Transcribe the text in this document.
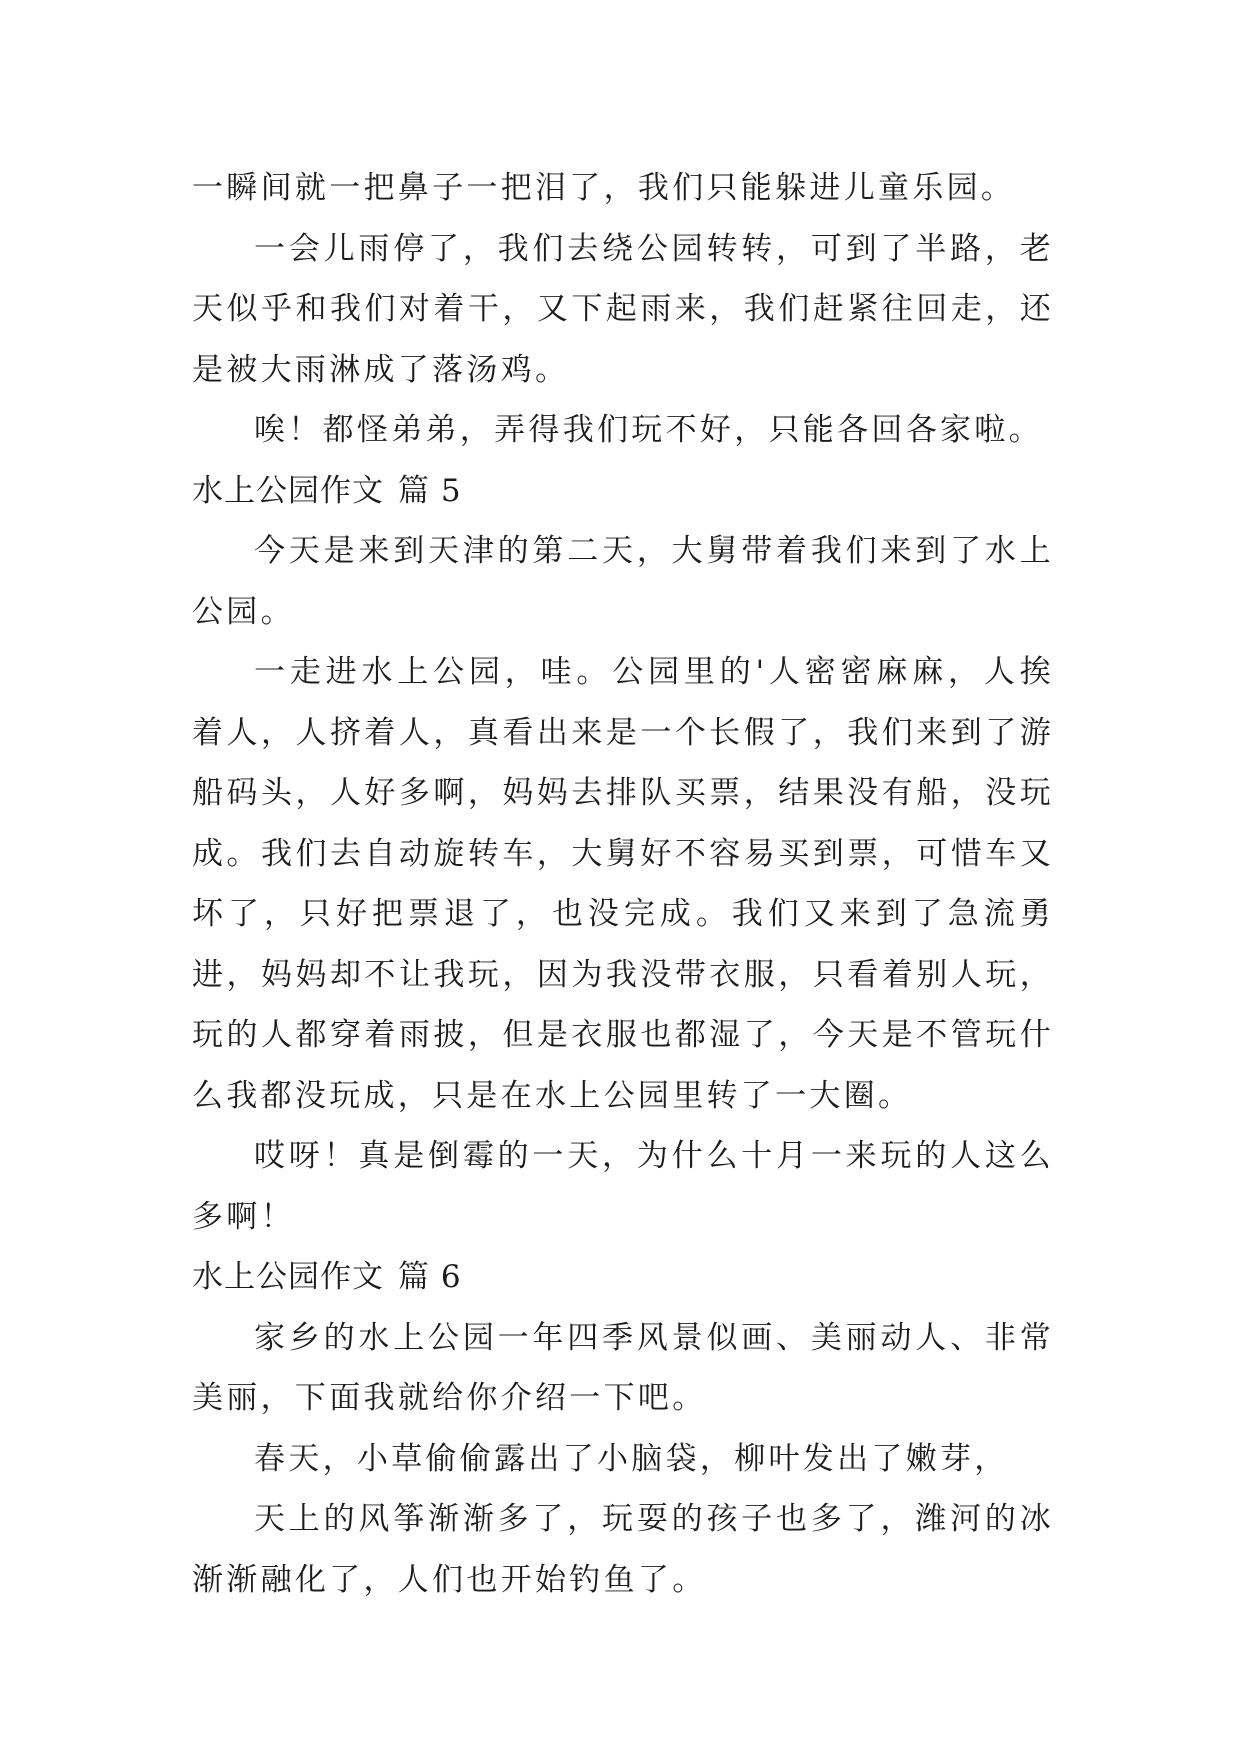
一瞬间就一把鼻子一把泪了，我们只能躲进儿童乐园。

一会儿雨停了，我们去绕公园转转，可到了半路，老天似乎和我们对着干，又下起雨来，我们赶紧往回走，还是被大雨淋成了落汤鸡。

唉！都怪弟弟，弄得我们玩不好，只能各回各家啦。

水上公园作文 篇 5

今天是来到天津的第二天，大舅带着我们来到了水上公园。

一走进水上公园，哇。公园里的'人密密麻麻，人挨着人，人挤着人，真看出来是一个长假了，我们来到了游船码头，人好多啊，妈妈去排队买票，结果没有船，没玩成。我们去自动旋转车，大舅好不容易买到票，可惜车又坏了，只好把票退了，也没完成。我们又来到了急流勇进，妈妈却不让我玩，因为我没带衣服，只看着别人玩，玩的人都穿着雨披，但是衣服也都湿了，今天是不管玩什么我都没玩成，只是在水上公园里转了一大圈。

哎呀！真是倒霉的一天，为什么十月一来玩的人这么多啊！

水上公园作文 篇 6

家乡的水上公园一年四季风景似画、美丽动人、非常美丽，下面我就给你介绍一下吧。

春天，小草偷偷露出了小脑袋，柳叶发出了嫩芽，

天上的风筝渐渐多了，玩耍的孩子也多了，潍河的冰渐渐融化了，人们也开始钓鱼了。
